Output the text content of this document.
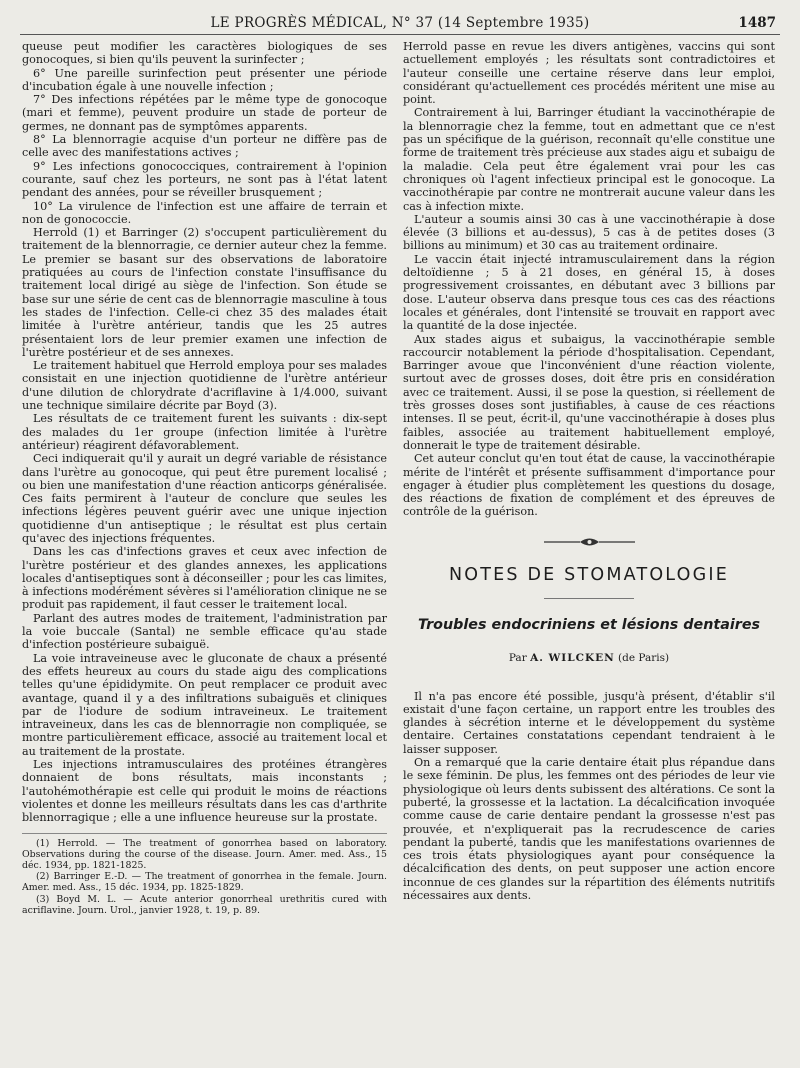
LE PROGRÈS MÉDICAL, N° 37 (14 Septembre 1935)	1487

queuse peut modifier les caractères biologiques de ses gonocoques, si bien qu'ils peuvent la surinfecter ;

6° Une pareille surinfection peut présenter une période d'incubation égale à une nouvelle infection ;

7° Des infections répétées par le même type de gonocoque (mari et femme), peuvent produire un stade de porteur de germes, ne donnant pas de symptômes apparents.

8° La blennorragie acquise d'un porteur ne diffère pas de celle avec des manifestations actives ;

9° Les infections gonococciques, contrairement à l'opinion courante, sauf chez les porteurs, ne sont pas à l'état latent pendant des années, pour se réveiller brusquement ;

10° La virulence de l'infection est une affaire de terrain et non de gonococcie.

Herrold (1) et Barringer (2) s'occupent particulièrement du traitement de la blennorragie, ce dernier auteur chez la femme. Le premier se basant sur des observations de laboratoire pratiquées au cours de l'infection constate l'insuffisance du traitement local dirigé au siège de l'infection. Son étude se base sur une série de cent cas de blennorragie masculine à tous les stades de l'infection. Celle-ci chez 35 des malades était limitée à l'urètre antérieur, tandis que les 25 autres présentaient lors de leur premier examen une infection de l'urètre postérieur et de ses annexes.

Le traitement habituel que Herrold employa pour ses malades consistait en une injection quotidienne de l'urètre antérieur d'une dilution de chlorydrate d'acriflavine à 1/4.000, suivant une technique similaire décrite par Boyd (3).

Les résultats de ce traitement furent les suivants : dix-sept des malades du 1er groupe (infection limitée à l'urètre antérieur) réagirent défavorablement.

Ceci indiquerait qu'il y aurait un degré variable de résistance dans l'urètre au gonocoque, qui peut être purement localisé ; ou bien une manifestation d'une réaction anticorps généralisée. Ces faits permirent à l'auteur de conclure que seules les infections légères peuvent guérir avec une unique injection quotidienne d'un antiseptique ; le résultat est plus certain qu'avec des injections fréquentes.

Dans les cas d'infections graves et ceux avec infection de l'urètre postérieur et des glandes annexes, les applications locales d'antiseptiques sont à déconseiller ; pour les cas limites, à infections modérément sévères si l'amélioration clinique ne se produit pas rapidement, il faut cesser le traitement local.

Parlant des autres modes de traitement, l'administration par la voie buccale (Santal) ne semble efficace qu'au stade d'infection postérieure subaiguë.

La voie intraveineuse avec le gluconate de chaux a présenté des effets heureux au cours du stade aigu des complications telles qu'une épididymite. On peut remplacer ce produit avec avantage, quand il y a des infiltrations subaiguës et cliniques par de l'iodure de sodium intraveineux. Le traitement intraveineux, dans les cas de blennorragie non compliquée, se montre particulièrement efficace, associé au traitement local et au traitement de la prostate.

Les injections intramusculaires des protéines étrangères donnaient de bons résultats, mais inconstants ; l'autohémothérapie est celle qui produit le moins de réactions violentes et donne les meilleurs résultats dans les cas d'arthrite blennorragique ; elle a une influence heureuse sur la prostate.

(1) Herrold. — The treatment of gonorrhea based on laboratory. Observations during the course of the disease. Journ. Amer. med. Ass., 15 déc. 1934, pp. 1821-1825.
(2) Barringer E.-D. — The treatment of gonorrhea in the female. Journ. Amer. med. Ass., 15 déc. 1934, pp. 1825-1829.
(3) Boyd M. L. — Acute anterior gonorrheal urethritis cured with acriflavine. Journ. Urol., janvier 1928, t. 19, p. 89.

Herrold passe en revue les divers antigènes, vaccins qui sont actuellement employés ; les résultats sont contradictoires et l'auteur conseille une certaine réserve dans leur emploi, considérant qu'actuellement ces procédés méritent une mise au point.

Contrairement à lui, Barringer étudiant la vaccinothérapie de la blennorragie chez la femme, tout en admettant que ce n'est pas un spécifique de la guérison, reconnaît qu'elle constitue une forme de traitement très précieuse aux stades aigu et subaigu de la maladie. Cela peut être également vrai pour les cas chroniques où l'agent infectieux principal est le gonocoque. La vaccinothérapie par contre ne montrerait aucune valeur dans les cas à infection mixte.

L'auteur a soumis ainsi 30 cas à une vaccinothérapie à dose élevée (3 billions et au-dessus), 5 cas à de petites doses (3 billions au minimum) et 30 cas au traitement ordinaire.

Le vaccin était injecté intramusculairement dans la région deltoïdienne ; 5 à 21 doses, en général 15, à doses progressivement croissantes, en débutant avec 3 billions par dose. L'auteur observa dans presque tous ces cas des réactions locales et générales, dont l'intensité se trouvait en rapport avec la quantité de la dose injectée.

Aux stades aigus et subaigus, la vaccinothérapie semble raccourcir notablement la période d'hospitalisation. Cependant, Barringer avoue que l'inconvénient d'une réaction violente, surtout avec de grosses doses, doit être pris en considération avec ce traitement. Aussi, il se pose la question, si réellement de très grosses doses sont justifiables, à cause de ces réactions intenses. Il se peut, écrit-il, qu'une vaccinothérapie à doses plus faibles, associée au traitement habituellement employé, donnerait le type de traitement désirable.

Cet auteur conclut qu'en tout état de cause, la vaccinothérapie mérite de l'intérêt et présente suffisamment d'importance pour engager à étudier plus complètement les questions du dosage, des réactions de fixation de complément et des épreuves de contrôle de la guérison.

NOTES DE STOMATOLOGIE
Troubles endocriniens et lésions dentaires
Par A. WILCKEN (de Paris)

Il n'a pas encore été possible, jusqu'à présent, d'établir s'il existait d'une façon certaine, un rapport entre les troubles des glandes à sécrétion interne et le développement du système dentaire. Certaines constatations cependant tendraient à le laisser supposer.

On a remarqué que la carie dentaire était plus répandue dans le sexe féminin. De plus, les femmes ont des périodes de leur vie physiologique où leurs dents subissent des altérations. Ce sont la puberté, la grossesse et la lactation. La décalcification invoquée comme cause de carie dentaire pendant la grossesse n'est pas prouvée, et n'expliquerait pas la recrudescence de caries pendant la puberté, tandis que les manifestations ovariennes de ces trois états physiologiques ayant pour conséquence la décalcification des dents, on peut supposer une action encore inconnue de ces glandes sur la répartition des éléments nutritifs nécessaires aux dents.
